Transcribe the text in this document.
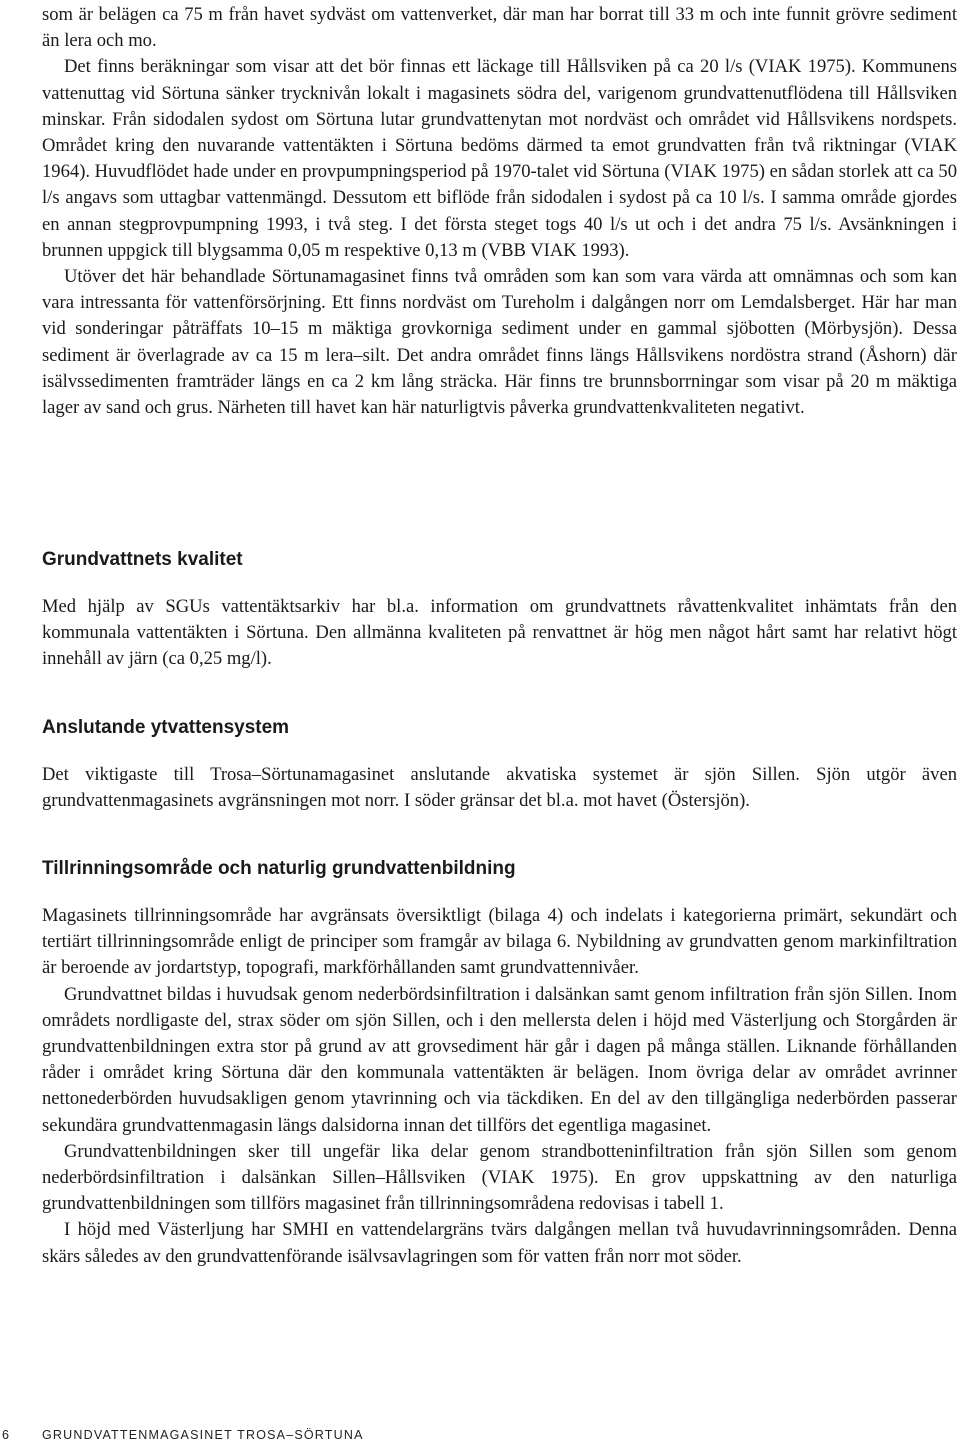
som är belägen ca 75 m från havet sydväst om vattenverket, där man har borrat till 33 m och inte funnit grövre sediment än lera och mo.

Det finns beräkningar som visar att det bör finnas ett läckage till Hållsviken på ca 20 l/s (VIAK 1975). Kommunens vattenuttag vid Sörtuna sänker trycknivån lokalt i magasinets södra del, varigenom grundvattenutflödena till Hållsviken minskar. Från sidodalen sydost om Sörtuna lutar grundvattenytan mot nordväst och området vid Hållsvikens nordspets. Området kring den nuvarande vattentäkten i Sörtuna bedöms därmed ta emot grundvatten från två riktningar (VIAK 1964). Huvudflödet hade under en provpumpningsperiod på 1970-talet vid Sörtuna (VIAK 1975) en sådan storlek att ca 50 l/s angavs som uttagbar vattenmängd. Dessutom ett biflöde från sidodalen i sydost på ca 10 l/s. I samma område gjordes en annan stegprovpumpning 1993, i två steg. I det första steget togs 40 l/s ut och i det andra 75 l/s. Avsänkningen i brunnen uppgick till blygsamma 0,05 m respektive 0,13 m (VBB VIAK 1993).

Utöver det här behandlade Sörtunamagasinet finns två områden som kan som vara värda att omnämnas och som kan vara intressanta för vattenförsörjning. Ett finns nordväst om Tureholm i dalgången norr om Lemdalsberget. Här har man vid sonderingar påträffats 10–15 m mäktiga grovkorniga sediment under en gammal sjöbotten (Mörbysjön). Dessa sediment är överlagrade av ca 15 m lera–silt. Det andra området finns längs Hållsvikens nordöstra strand (Åshorn) där isälvssedimenten framträder längs en ca 2 km lång sträcka. Här finns tre brunnsborrningar som visar på 20 m mäktiga lager av sand och grus. Närheten till havet kan här naturligtvis påverka grundvattenkvaliteten negativt.

Grundvattnets kvalitet

Med hjälp av SGUs vattentäktsarkiv har bl.a. information om grundvattnets råvattenkvalitet inhämtats från den kommunala vattentäkten i Sörtuna. Den allmänna kvaliteten på renvattnet är hög men något hårt samt har relativt högt innehåll av järn (ca 0,25 mg/l).

Anslutande ytvattensystem

Det viktigaste till Trosa–Sörtunamagasinet anslutande akvatiska systemet är sjön Sillen. Sjön utgör även grundvattenmagasinets avgränsningen mot norr. I söder gränsar det bl.a. mot havet (Östersjön).

Tillrinningsområde och naturlig grundvattenbildning

Magasinets tillrinningsområde har avgränsats översiktligt (bilaga 4) och indelats i kategorierna primärt, sekundärt och tertiärt tillrinningsområde enligt de principer som framgår av bilaga 6. Nybildning av grundvatten genom markinfiltration är beroende av jordartstyp, topografi, markförhållanden samt grundvattennivåer.

Grundvattnet bildas i huvudsak genom nederbördsinfiltration i dalsänkan samt genom infiltration från sjön Sillen. Inom områdets nordligaste del, strax söder om sjön Sillen, och i den mellersta delen i höjd med Västerljung och Storgården är grundvattenbildningen extra stor på grund av att grovsediment här går i dagen på många ställen. Liknande förhållanden råder i området kring Sörtuna där den kommunala vattentäkten är belägen. Inom övriga delar av området avrinner nettonederbörden huvudsakligen genom ytavrinning och via täckdiken. En del av den tillgängliga nederbörden passerar sekundära grundvattenmagasin längs dalsidorna innan det tillförs det egentliga magasinet.

Grundvattenbildningen sker till ungefär lika delar genom strandbotteninfiltration från sjön Sillen som genom nederbördsinfiltration i dalsänkan Sillen–Hållsviken (VIAK 1975). En grov uppskattning av den naturliga grundvattenbildningen som tillförs magasinet från tillrinningsområdena redovisas i tabell 1.

I höjd med Västerljung har SMHI en vattendelargräns tvärs dalgången mellan två huvudavrinningsområden. Denna skärs således av den grundvattenförande isälvsavlagringen som för vatten från norr mot söder.

6	GRUNDVATTENMAGASINET TROSA–SÖRTUNA
